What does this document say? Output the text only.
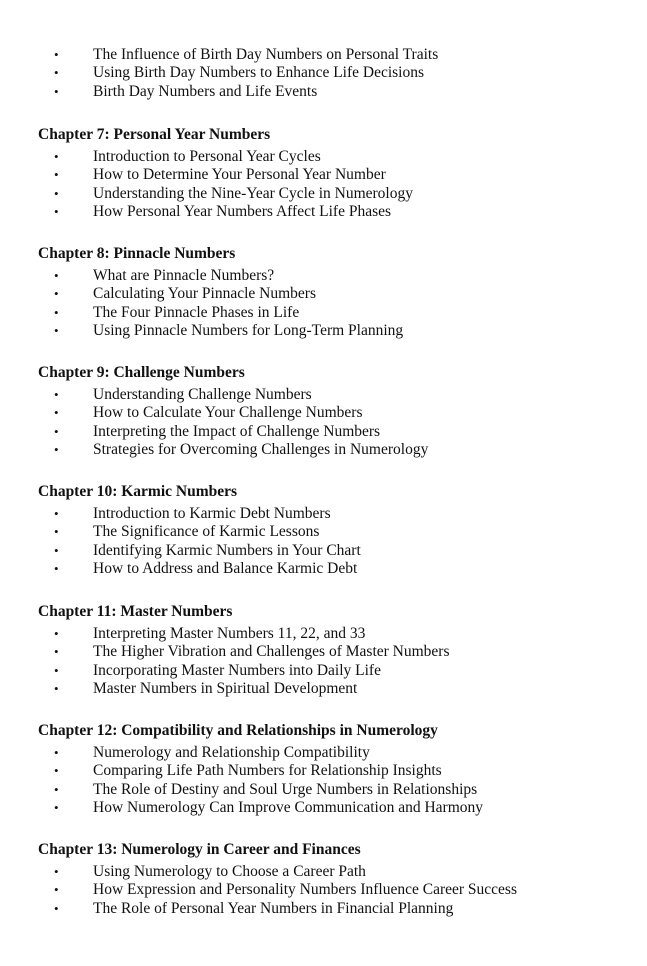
• The Influence of Birth Day Numbers on Personal Traits
• Using Birth Day Numbers to Enhance Life Decisions
• Birth Day Numbers and Life Events
Chapter 7: Personal Year Numbers
• Introduction to Personal Year Cycles
• How to Determine Your Personal Year Number
• Understanding the Nine-Year Cycle in Numerology
• How Personal Year Numbers Affect Life Phases
Chapter 8: Pinnacle Numbers
• What are Pinnacle Numbers?
• Calculating Your Pinnacle Numbers
• The Four Pinnacle Phases in Life
• Using Pinnacle Numbers for Long-Term Planning
Chapter 9: Challenge Numbers
• Understanding Challenge Numbers
• How to Calculate Your Challenge Numbers
• Interpreting the Impact of Challenge Numbers
• Strategies for Overcoming Challenges in Numerology
Chapter 10: Karmic Numbers
• Introduction to Karmic Debt Numbers
• The Significance of Karmic Lessons
• Identifying Karmic Numbers in Your Chart
• How to Address and Balance Karmic Debt
Chapter 11: Master Numbers
• Interpreting Master Numbers 11, 22, and 33
• The Higher Vibration and Challenges of Master Numbers
• Incorporating Master Numbers into Daily Life
• Master Numbers in Spiritual Development
Chapter 12: Compatibility and Relationships in Numerology
• Numerology and Relationship Compatibility
• Comparing Life Path Numbers for Relationship Insights
• The Role of Destiny and Soul Urge Numbers in Relationships
• How Numerology Can Improve Communication and Harmony
Chapter 13: Numerology in Career and Finances
• Using Numerology to Choose a Career Path
• How Expression and Personality Numbers Influence Career Success
• The Role of Personal Year Numbers in Financial Planning
